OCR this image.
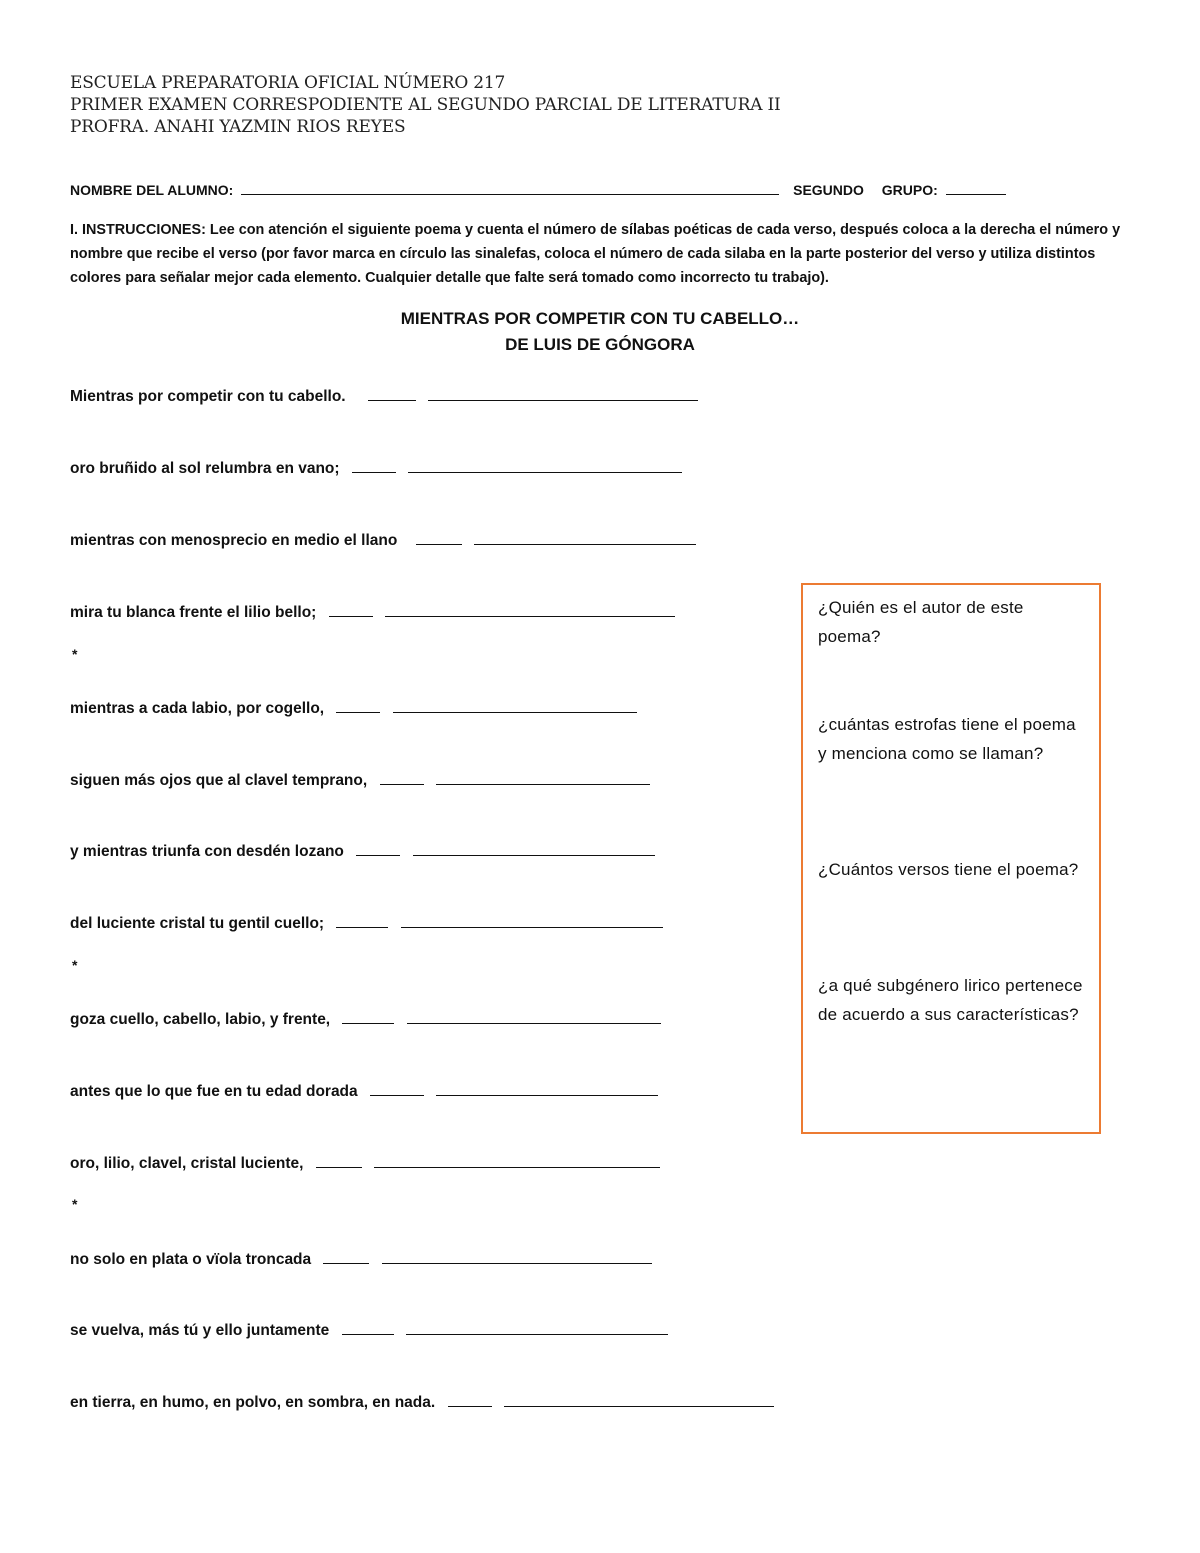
ESCUELA PREPARATORIA OFICIAL NÚMERO 217
PRIMER EXAMEN CORRESPODIENTE AL SEGUNDO PARCIAL DE LITERATURA II
PROFRA. ANAHI YAZMIN RIOS REYES
NOMBRE DEL ALUMNO:	SEGUNDO GRUPO:
I. INSTRUCCIONES: Lee con atención el siguiente poema y cuenta el número de sílabas poéticas de cada verso, después coloca a la derecha el número y nombre que recibe el verso (por favor marca en círculo las sinalefas, coloca el número de cada silaba en la parte posterior del verso y utiliza distintos colores para señalar mejor cada elemento. Cualquier detalle que falte será tomado como incorrecto tu trabajo).
MIENTRAS POR COMPETIR CON TU CABELLO…
DE LUIS DE GÓNGORA
Mientras por competir con tu cabello.
oro bruñido al sol relumbra en vano;
mientras con menosprecio en medio el llano
mira tu blanca frente el lilio bello;
*
mientras a cada labio, por cogello,
siguen más ojos que al clavel temprano,
y mientras triunfa con desdén lozano
del luciente cristal tu gentil cuello;
*
goza cuello, cabello, labio, y frente,
antes que lo que fue en tu edad dorada
oro, lilio, clavel, cristal luciente,
*
no solo en plata o vïola troncada
se vuelva, más tú y ello juntamente
en tierra, en humo, en polvo, en sombra, en nada.
¿Quién es el autor de este poema?
¿cuántas estrofas tiene el poema y menciona como se llaman?
¿Cuántos versos tiene el poema?
¿a qué subgénero lirico pertenece de acuerdo a sus características?
